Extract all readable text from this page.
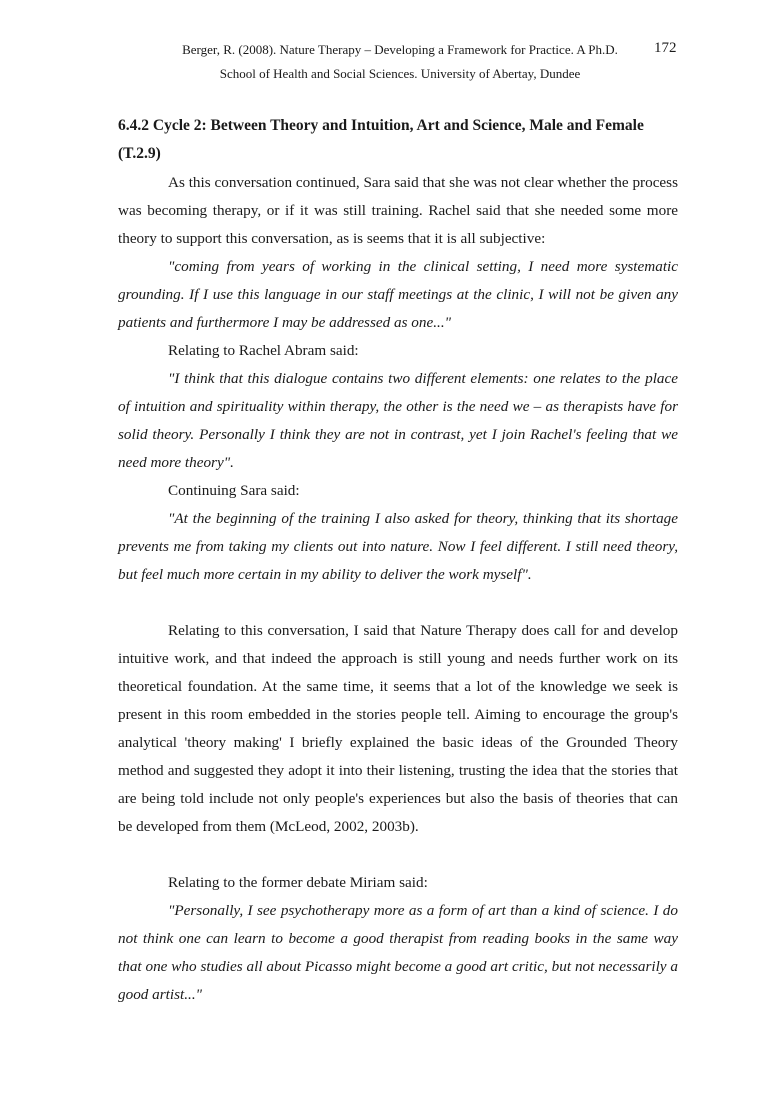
Berger, R. (2008). Nature Therapy – Developing a Framework for Practice. A Ph.D.
School of Health and Social Sciences. University of Abertay, Dundee
172
6.4.2 Cycle 2: Between Theory and Intuition, Art and Science, Male and Female (T.2.9)

As this conversation continued, Sara said that she was not clear whether the process was becoming therapy, or if it was still training. Rachel said that she needed some more theory to support this conversation, as is seems that it is all subjective:

"coming from years of working in the clinical setting, I need more systematic grounding. If I use this language in our staff meetings at the clinic, I will not be given any patients and furthermore I may be addressed as one..."

Relating to Rachel Abram said:

"I think that this dialogue contains two different elements: one relates to the place of intuition and spirituality within therapy, the other is the need we – as therapists have for solid theory. Personally I think they are not in contrast, yet I join Rachel's feeling that we need more theory".

Continuing Sara said:

"At the beginning of the training I also asked for theory, thinking that its shortage prevents me from taking my clients out into nature. Now I feel different. I still need theory, but feel much more certain in my ability to deliver the work myself".

Relating to this conversation, I said that Nature Therapy does call for and develop intuitive work, and that indeed the approach is still young and needs further work on its theoretical foundation. At the same time, it seems that a lot of the knowledge we seek is present in this room embedded in the stories people tell. Aiming to encourage the group's analytical 'theory making' I briefly explained the basic ideas of the Grounded Theory method and suggested they adopt it into their listening, trusting the idea that the stories that are being told include not only people's experiences but also the basis of theories that can be developed from them (McLeod, 2002, 2003b).

Relating to the former debate Miriam said:

"Personally, I see psychotherapy more as a form of art than a kind of science. I do not think one can learn to become a good therapist from reading books in the same way that one who studies all about Picasso might become a good art critic, but not necessarily a good artist..."
